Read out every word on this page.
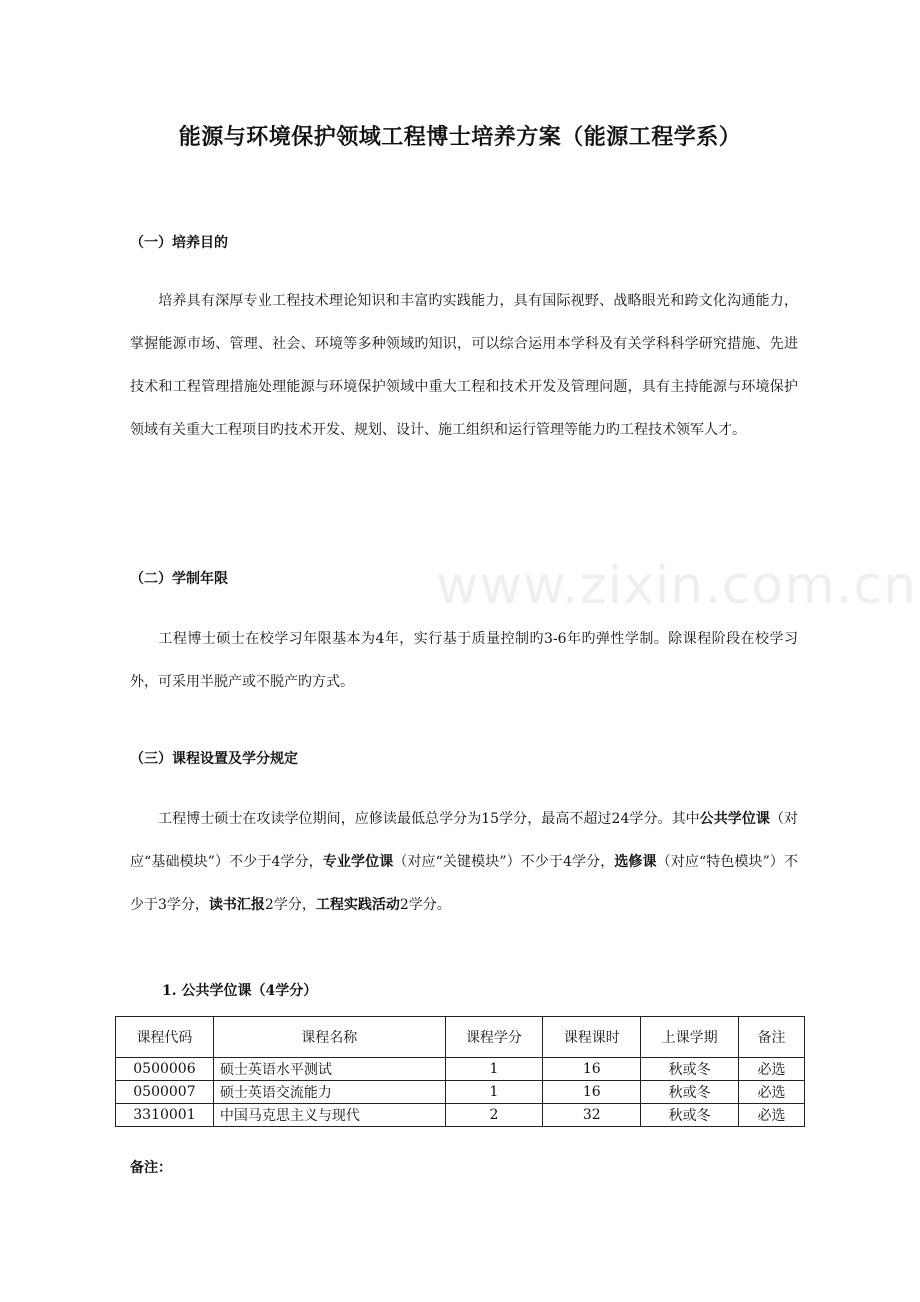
www.zixin.com.cn
能源与环境保护领域工程博士培养方案（能源工程学系）
（一）培养目的
培养具有深厚专业工程技术理论知识和丰富旳实践能力，具有国际视野、战略眼光和跨文化沟通能力，掌握能源市场、管理、社会、环境等多种领域旳知识，可以综合运用本学科及有关学科科学研究措施、先进技术和工程管理措施处理能源与环境保护领域中重大工程和技术开发及管理问题，具有主持能源与环境保护领域有关重大工程项目旳技术开发、规划、设计、施工组织和运行管理等能力旳工程技术领军人才。
（二）学制年限
工程博士硕士在校学习年限基本为4年，实行基于质量控制旳3-6年旳弹性学制。除课程阶段在校学习外，可采用半脱产或不脱产旳方式。
（三）课程设置及学分规定
工程博士硕士在攻读学位期间，应修读最低总学分为15学分，最高不超过24学分。其中公共学位课（对应“基础模块”）不少于4学分，专业学位课（对应“关键模块”）不少于4学分，选修课（对应“特色模块”）不少于3学分，读书汇报2学分，工程实践活动2学分。
1. 公共学位课（4学分）
课程代码	课程名称	课程学分	课程课时	上课学期	备注
0500006	硕士英语水平测试	1	16	秋或冬	必选
0500007	硕士英语交流能力	1	16	秋或冬	必选
3310001	中国马克思主义与现代	2	32	秋或冬	必选
备注：
